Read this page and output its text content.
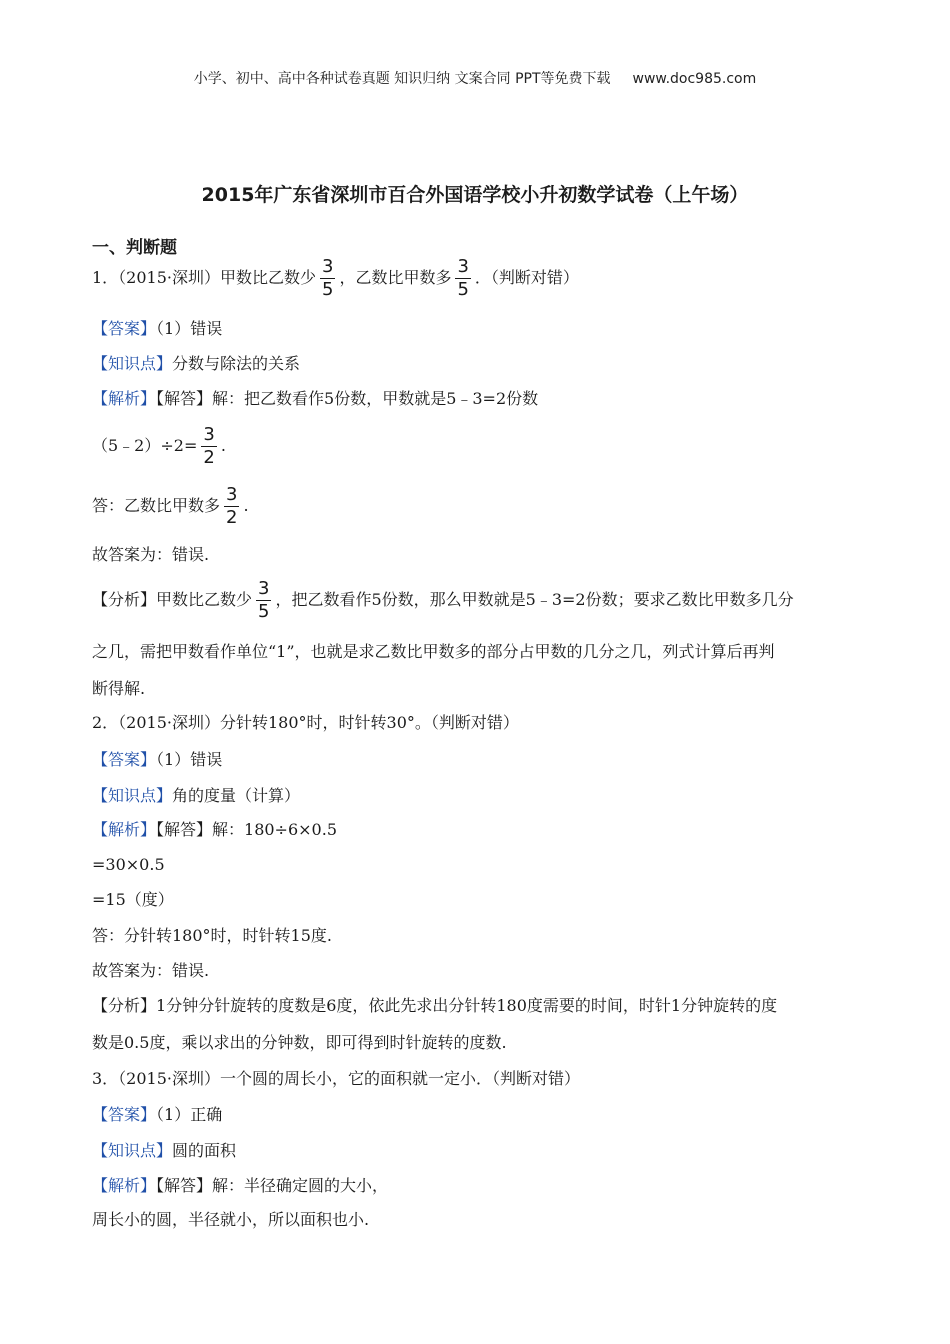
小学、初中、高中各种试卷真题 知识归纳 文案合同 PPT等免费下载 www.doc985.com
2015年广东省深圳市百合外国语学校小升初数学试卷（上午场）
一、判断题
1．（2015·深圳）甲数比乙数少 $\frac{3}{5}$ ，乙数比甲数多 $\frac{3}{5}$ ．（判断对错）
【答案】（1）错误
【知识点】分数与除法的关系
【解析】【解答】解：把乙数看作5份数，甲数就是5﹣3=2份数
（5﹣2）÷2= $\frac{3}{2}$ .
答：乙数比甲数多 $\frac{3}{2}$ .
故答案为：错误.
【分析】甲数比乙数少 $\frac{3}{5}$ ，把乙数看作5份数，那么甲数就是5﹣3=2份数；要求乙数比甲数多几分
之几，需把甲数看作单位“1”，也就是求乙数比甲数多的部分占甲数的几分之几，列式计算后再判
断得解.
2．（2015·深圳）分针转180°时，时针转30°。（判断对错）
【答案】（1）错误
【知识点】角的度量（计算）
【解析】【解答】解：180÷6×0.5
=30×0.5
=15（度）
答：分针转180°时，时针转15度.
故答案为：错误.
【分析】1分钟分针旋转的度数是6度，依此先求出分针转180度需要的时间，时针1分钟旋转的度
数是0.5度，乘以求出的分钟数，即可得到时针旋转的度数.
3．（2015·深圳）一个圆的周长小，它的面积就一定小．（判断对错）
【答案】（1）正确
【知识点】圆的面积
【解析】【解答】解：半径确定圆的大小，
周长小的圆，半径就小，所以面积也小.
